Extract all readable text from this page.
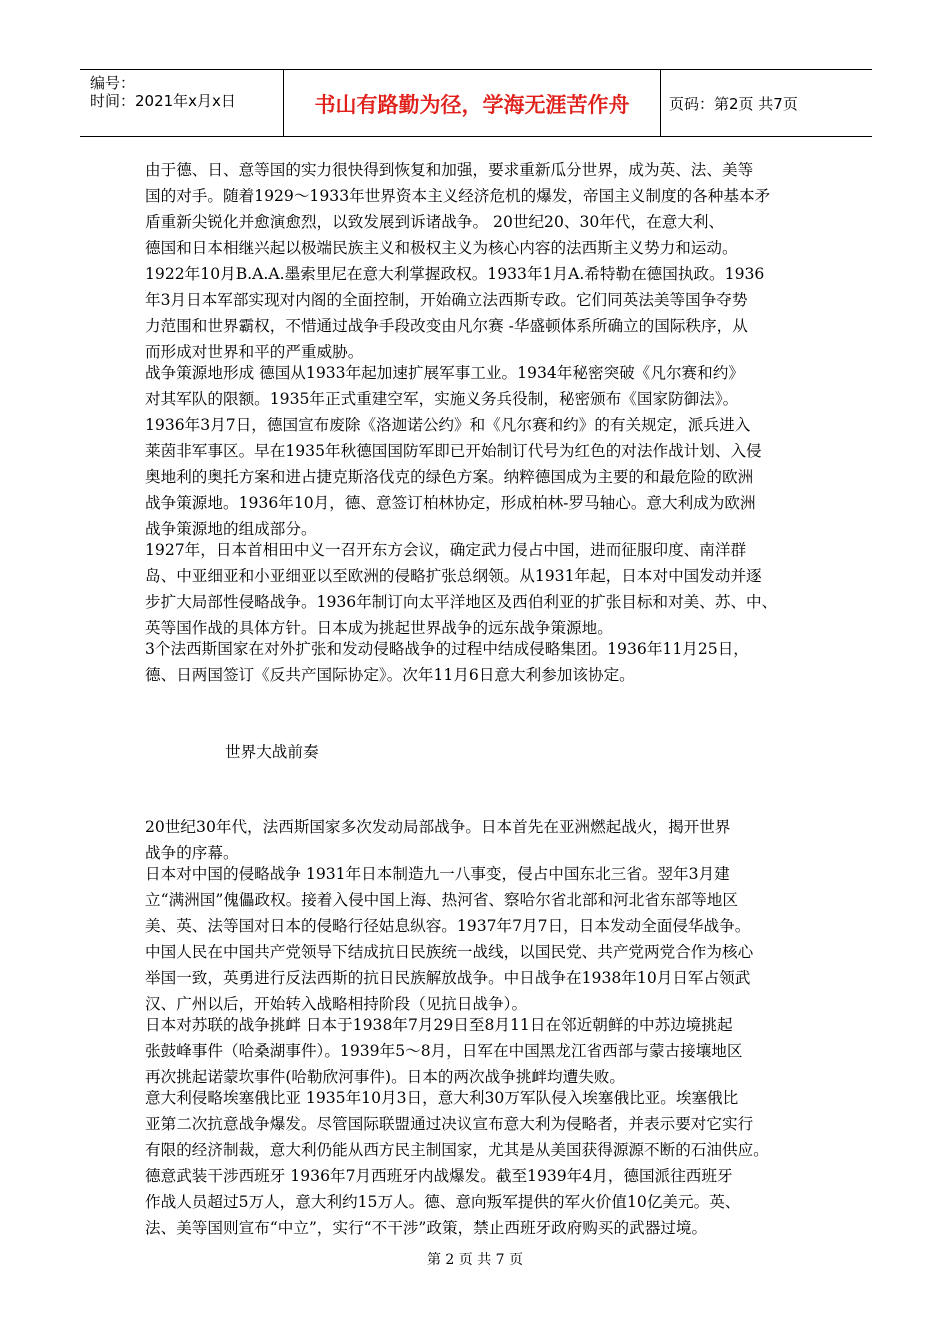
编号：
时间：2021年x月x日	书山有路勤为径，学海无涯苦作舟	页码：第2页 共7页
由于德、日、意等国的实力很快得到恢复和加强，要求重新瓜分世界，成为英、法、美等
国的对手。随着1929～1933年世界资本主义经济危机的爆发，帝国主义制度的各种基本矛
盾重新尖锐化并愈演愈烈，以致发展到诉诸战争。 20世纪20、30年代，在意大利、
德国和日本相继兴起以极端民族主义和极权主义为核心内容的法西斯主义势力和运动。
1922年10月B.A.A.墨索里尼在意大利掌握政权。1933年1月A.希特勒在德国执政。1936
年3月日本军部实现对内阁的全面控制，开始确立法西斯专政。它们同英法美等国争夺势
力范围和世界霸权，不惜通过战争手段改变由凡尔赛 -华盛顿体系所确立的国际秩序，从
而形成对世界和平的严重威胁。
战争策源地形成 德国从1933年起加速扩展军事工业。1934年秘密突破《凡尔赛和约》
对其军队的限额。1935年正式重建空军，实施义务兵役制，秘密颁布《国家防御法》。
1936年3月7日，德国宣布废除《洛迦诺公约》和《凡尔赛和约》的有关规定，派兵进入
莱茵非军事区。早在1935年秋德国国防军即已开始制订代号为红色的对法作战计划、入侵
奥地利的奥托方案和进占捷克斯洛伐克的绿色方案。纳粹德国成为主要的和最危险的欧洲
战争策源地。1936年10月，德、意签订柏林协定，形成柏林-罗马轴心。意大利成为欧洲
战争策源地的组成部分。
1927年，日本首相田中义一召开东方会议，确定武力侵占中国，进而征服印度、南洋群
岛、中亚细亚和小亚细亚以至欧洲的侵略扩张总纲领。从1931年起，日本对中国发动并逐
步扩大局部性侵略战争。1936年制订向太平洋地区及西伯利亚的扩张目标和对美、苏、中、
英等国作战的具体方针。日本成为挑起世界战争的远东战争策源地。
3个法西斯国家在对外扩张和发动侵略战争的过程中结成侵略集团。1936年11月25日，
德、日两国签订《反共产国际协定》。次年11月6日意大利参加该协定。
世界大战前奏
20世纪30年代，法西斯国家多次发动局部战争。日本首先在亚洲燃起战火，揭开世界
战争的序幕。
日本对中国的侵略战争 1931年日本制造九一八事变，侵占中国东北三省。翌年3月建
立“满洲国”傀儡政权。接着入侵中国上海、热河省、察哈尔省北部和河北省东部等地区
美、英、法等国对日本的侵略行径姑息纵容。1937年7月7日，日本发动全面侵华战争。
中国人民在中国共产党领导下结成抗日民族统一战线，以国民党、共产党两党合作为核心
举国一致，英勇进行反法西斯的抗日民族解放战争。中日战争在1938年10月日军占领武
汉、广州以后，开始转入战略相持阶段（见抗日战争）。
日本对苏联的战争挑衅 日本于1938年7月29日至8月11日在邻近朝鲜的中苏边境挑起
张鼓峰事件（哈桑湖事件）。1939年5～8月，日军在中国黑龙江省西部与蒙古接壤地区
再次挑起诺蒙坎事件(哈勒欣河事件)。日本的两次战争挑衅均遭失败。
意大利侵略埃塞俄比亚 1935年10月3日，意大利30万军队侵入埃塞俄比亚。埃塞俄比
亚第二次抗意战争爆发。尽管国际联盟通过决议宣布意大利为侵略者，并表示要对它实行
有限的经济制裁，意大利仍能从西方民主制国家，尤其是从美国获得源源不断的石油供应。
德意武装干涉西班牙 1936年7月西班牙内战爆发。截至1939年4月，德国派往西班牙
作战人员超过5万人，意大利约15万人。德、意向叛军提供的军火价值10亿美元。英、
法、美等国则宣布“中立”，实行“不干涉”政策，禁止西班牙政府购买的武器过境。
第 2 页 共 7 页
